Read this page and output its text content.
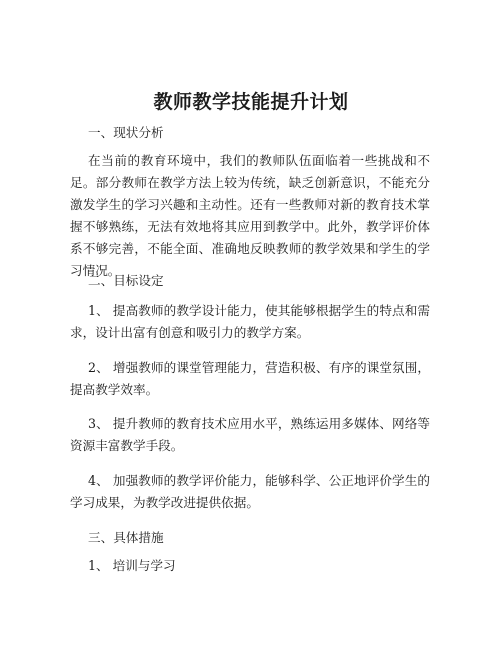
教师教学技能提升计划

一、现状分析

在当前的教育环境中，我们的教师队伍面临着一些挑战和不足。部分教师在教学方法上较为传统，缺乏创新意识，不能充分激发学生的学习兴趣和主动性。还有一些教师对新的教育技术掌握不够熟练，无法有效地将其应用到教学中。此外，教学评价体系不够完善，不能全面、准确地反映教师的教学效果和学生的学习情况。

二、目标设定

1、 提高教师的教学设计能力，使其能够根据学生的特点和需求，设计出富有创意和吸引力的教学方案。

2、 增强教师的课堂管理能力，营造积极、有序的课堂氛围，提高教学效率。

3、 提升教师的教育技术应用水平，熟练运用多媒体、网络等资源丰富教学手段。

4、 加强教师的教学评价能力，能够科学、公正地评价学生的学习成果，为教学改进提供依据。

三、具体措施

1、 培训与学习
